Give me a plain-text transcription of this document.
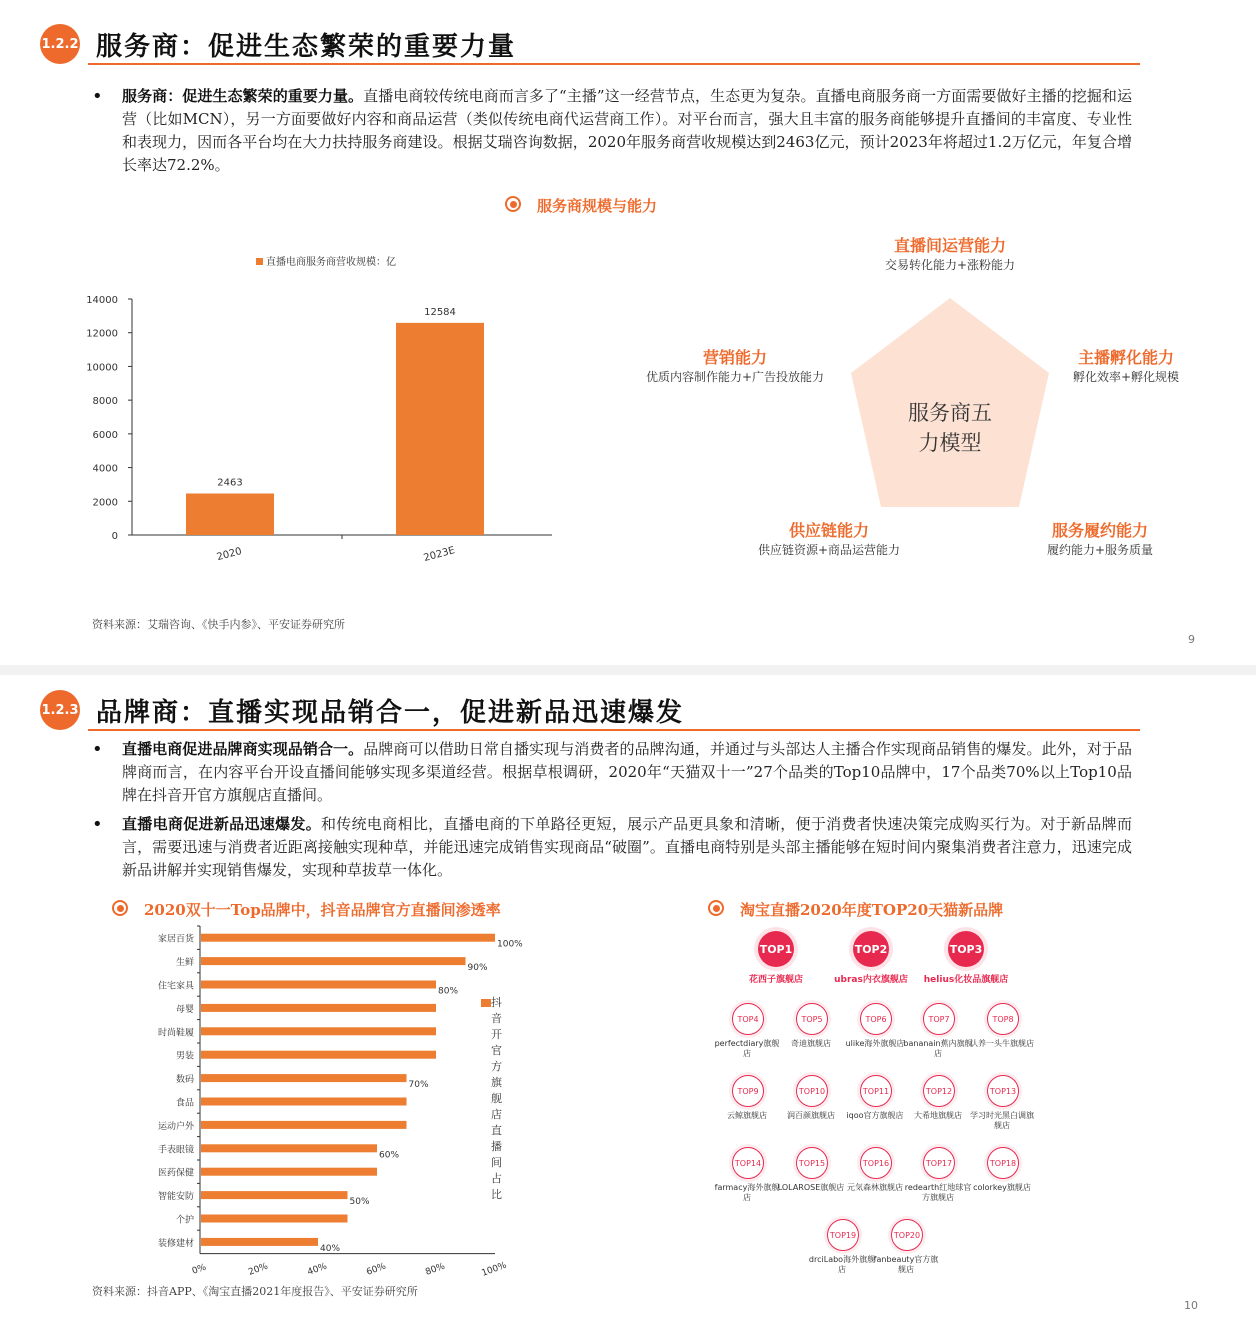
1.2.2 服务商：促进生态繁荣的重要力量
• 服务商：促进生态繁荣的重要力量。直播电商较传统电商而言多了“主播”这一经营节点，生态更为复杂。直播电商服务商一方面需要做好主播的挖掘和运营（比如MCN），另一方面要做好内容和商品运营（类似传统电商代运营商工作）。对平台而言，强大且丰富的服务商能够提升直播间的丰富度、专业性和表现力，因而各平台均在大力扶持服务商建设。根据艾瑞咨询数据，2020年服务商营收规模达到2463亿元，预计2023年将超过1.2万亿元，年复合增长率达72.2%。
服务商规模与能力
直播电商服务商营收规模：亿
0
2000
4000
6000
8000
10000
12000
14000
2463
2020
12584
2023E
服务商五
力模型
直播间运营能力
交易转化能力+涨粉能力
营销能力
优质内容制作能力+广告投放能力
主播孵化能力
孵化效率+孵化规模
供应链能力
供应链资源+商品运营能力
服务履约能力
履约能力+服务质量
资料来源：艾瑞咨询、《快手内参》、平安证券研究所
9
1.2.3 品牌商：直播实现品销合一，促进新品迅速爆发
• 直播电商促进品牌商实现品销合一。品牌商可以借助日常自播实现与消费者的品牌沟通，并通过与头部达人主播合作实现商品销售的爆发。此外，对于品牌商而言，在内容平台开设直播间能够实现多渠道经营。根据草根调研，2020年“天猫双十一”27个品类的Top10品牌中，17个品类70%以上Top10品牌在抖音开官方旗舰店直播间。
• 直播电商促进新品迅速爆发。和传统电商相比，直播电商的下单路径更短，展示产品更具象和清晰，便于消费者快速决策完成购买行为。对于新品牌而言，需要迅速与消费者近距离接触实现种草，并能迅速完成销售实现商品“破圈”。直播电商特别是头部主播能够在短时间内聚集消费者注意力，迅速完成新品讲解并实现销售爆发，实现种草拔草一体化。
2020双十一Top品牌中，抖音品牌官方直播间渗透率	淘宝直播2020年度TOP20天猫新品牌
家居百货	100%
生鲜	90%
住宅家具	80%
母婴
时尚鞋履
男装
数码	70%
食品
运动户外
手表眼镜	60%
医药保健
智能安防	50%
个护
装修建材	40%
0%	20%	40%	60%	80%	100%
抖音开官方旗舰店直播间占比
TOP1
花西子旗舰店
TOP2
ubras内衣旗舰店
TOP3
helius化妆品旗舰店
TOP4
perfectdiary旗舰店
TOP5
奇迪旗舰店
TOP6
ulike海外旗舰店
TOP7
bananain蕉内旗舰店
TOP8
认养一头牛旗舰店
TOP9
云鲸旗舰店
TOP10
润百颜旗舰店
TOP11
iqoo官方旗舰店
TOP12
大希地旗舰店
TOP13
学习时光黑白调旗舰店
TOP14
farmacy海外旗舰店
TOP15
LOLAROSE旗舰店
TOP16
元気森林旗舰店
TOP17
redearth红地球官方旗舰店
TOP18
colorkey旗舰店
TOP19
drciLabo海外旗舰店
TOP20
fanbeauty官方旗舰店
资料来源：抖音APP、《淘宝直播2021年度报告》、平安证券研究所
10
